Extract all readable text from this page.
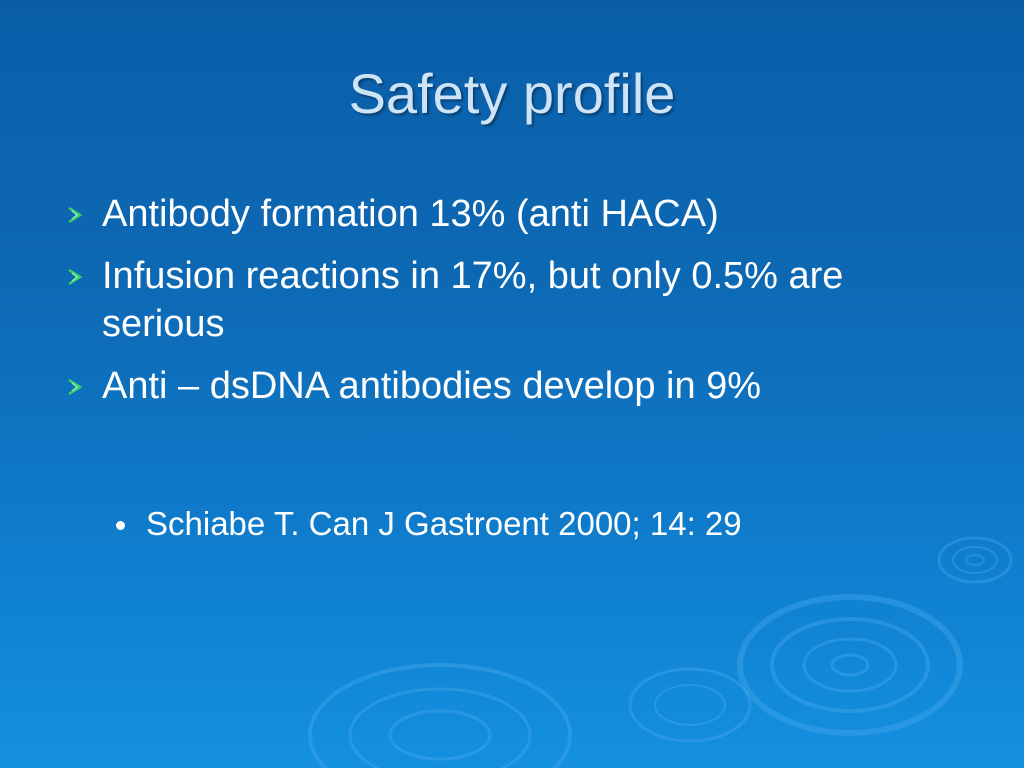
Safety profile
Antibody formation 13% (anti HACA)
Infusion reactions in 17%, but only 0.5% are serious
Anti – dsDNA antibodies develop in 9%
Schiabe T. Can J Gastroent 2000; 14: 29
